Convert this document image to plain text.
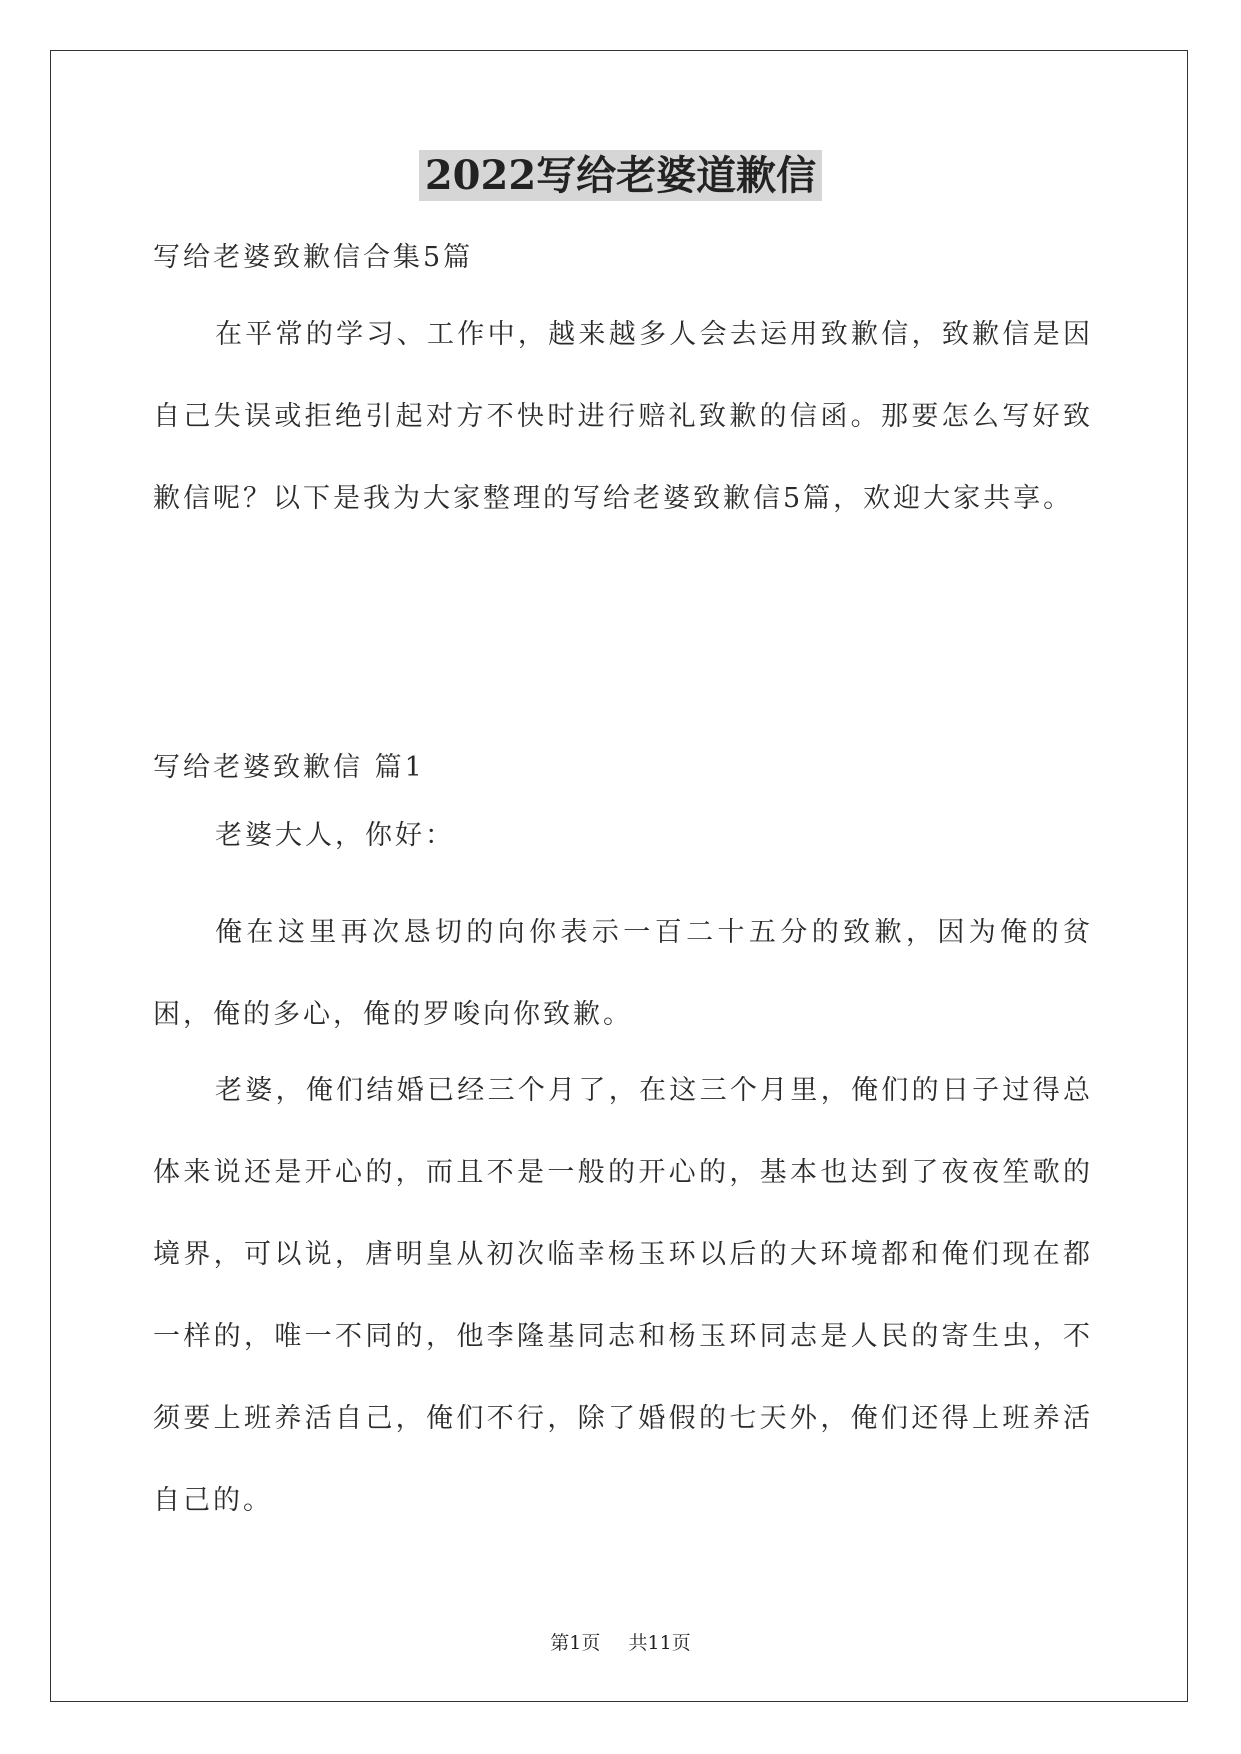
2022写给老婆道歉信

写给老婆致歉信合集5篇

在平常的学习、工作中，越来越多人会去运用致歉信，致歉信是因自己失误或拒绝引起对方不快时进行赔礼致歉的信函。那要怎么写好致歉信呢？以下是我为大家整理的写给老婆致歉信5篇，欢迎大家共享。

写给老婆致歉信 篇1

老婆大人，你好：

俺在这里再次恳切的向你表示一百二十五分的致歉，因为俺的贫困，俺的多心，俺的罗唆向你致歉。

老婆，俺们结婚已经三个月了，在这三个月里，俺们的日子过得总体来说还是开心的，而且不是一般的开心的，基本也达到了夜夜笙歌的境界，可以说，唐明皇从初次临幸杨玉环以后的大环境都和俺们现在都一样的，唯一不同的，他李隆基同志和杨玉环同志是人民的寄生虫，不须要上班养活自己，俺们不行，除了婚假的七天外，俺们还得上班养活自己的。

第1页 共11页
